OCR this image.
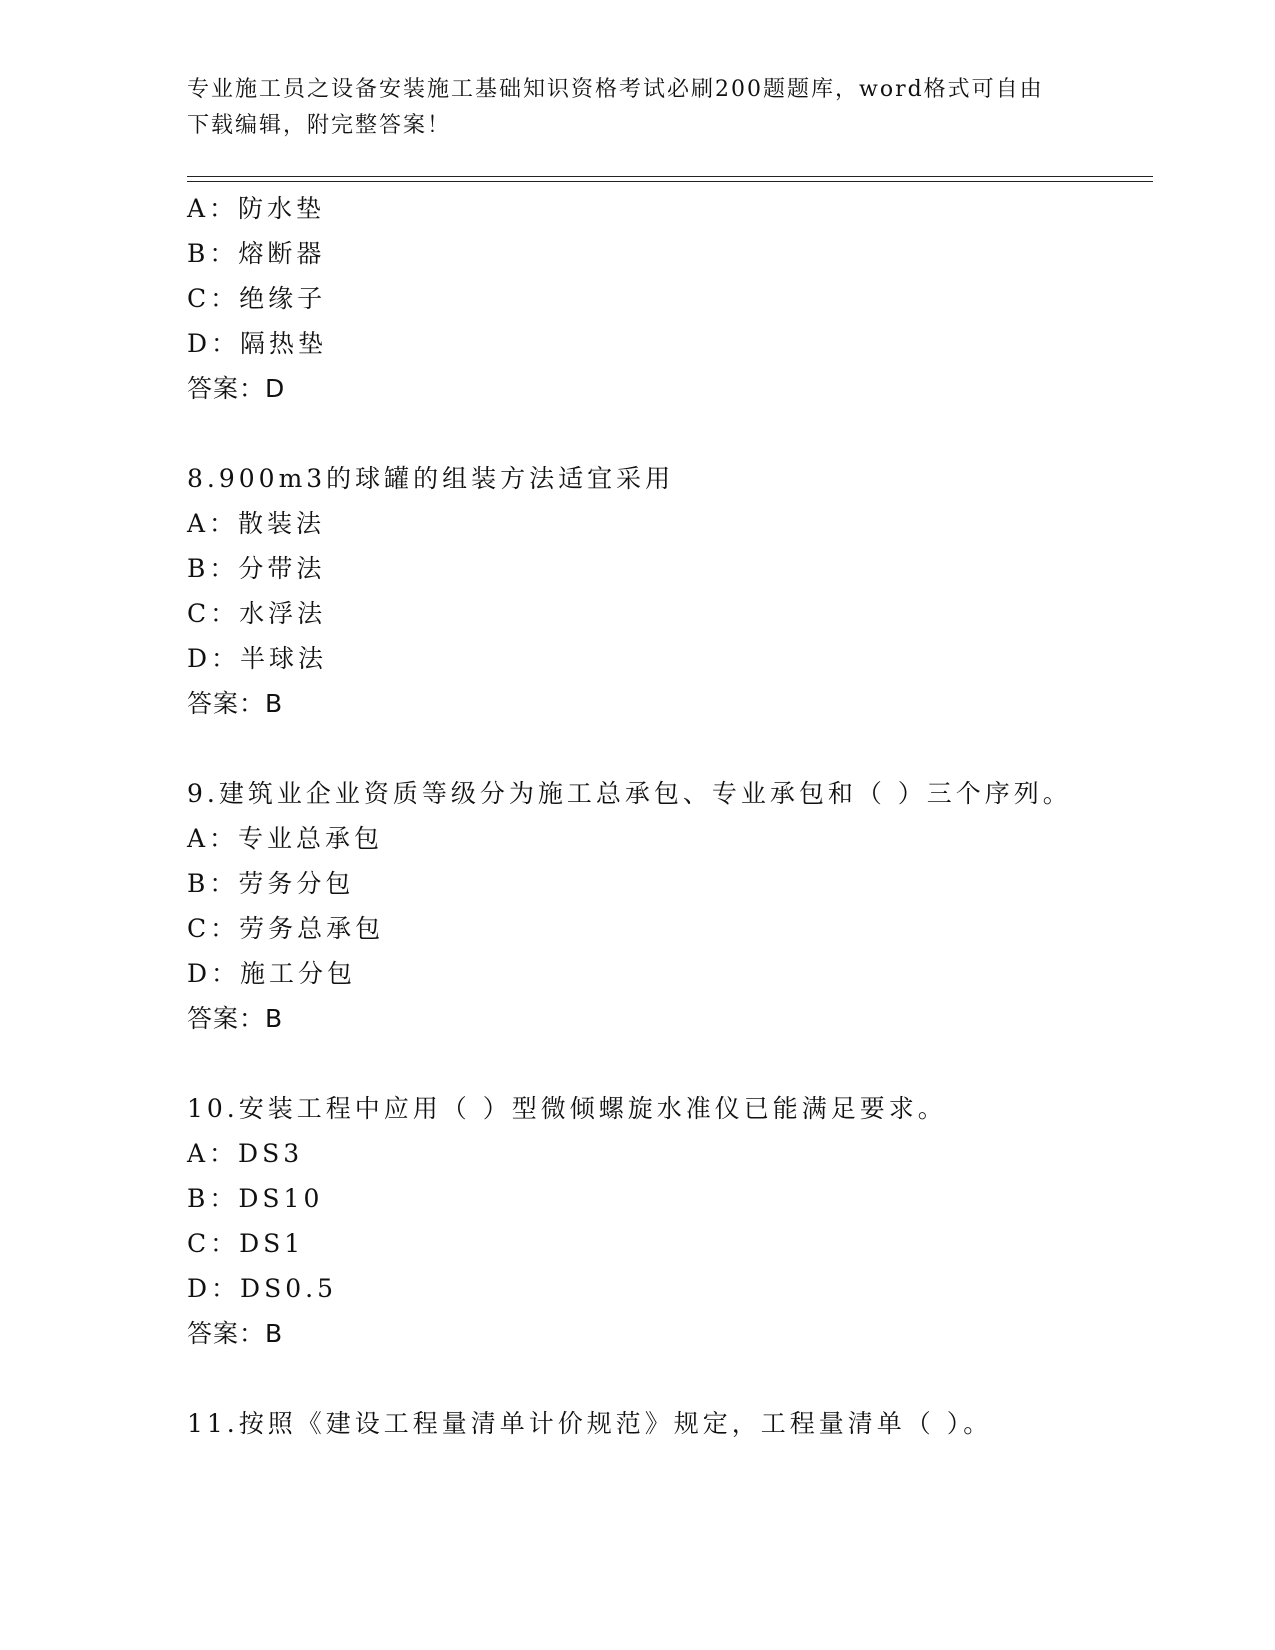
专业施工员之设备安装施工基础知识资格考试必刷200题题库，word格式可自由
下载编辑，附完整答案！
A：防水垫
B：熔断器
C：绝缘子
D：隔热垫
答案：D
8.900m3的球罐的组装方法适宜采用
A：散装法
B：分带法
C：水浮法
D：半球法
答案：B
9.建筑业企业资质等级分为施工总承包、专业承包和（ ）三个序列。
A：专业总承包
B：劳务分包
C：劳务总承包
D：施工分包
答案：B
10.安装工程中应用（ ）型微倾螺旋水准仪已能满足要求。
A：DS3
B：DS10
C：DS1
D：DS0.5
答案：B
11.按照《建设工程量清单计价规范》规定，工程量清单（ ）。
